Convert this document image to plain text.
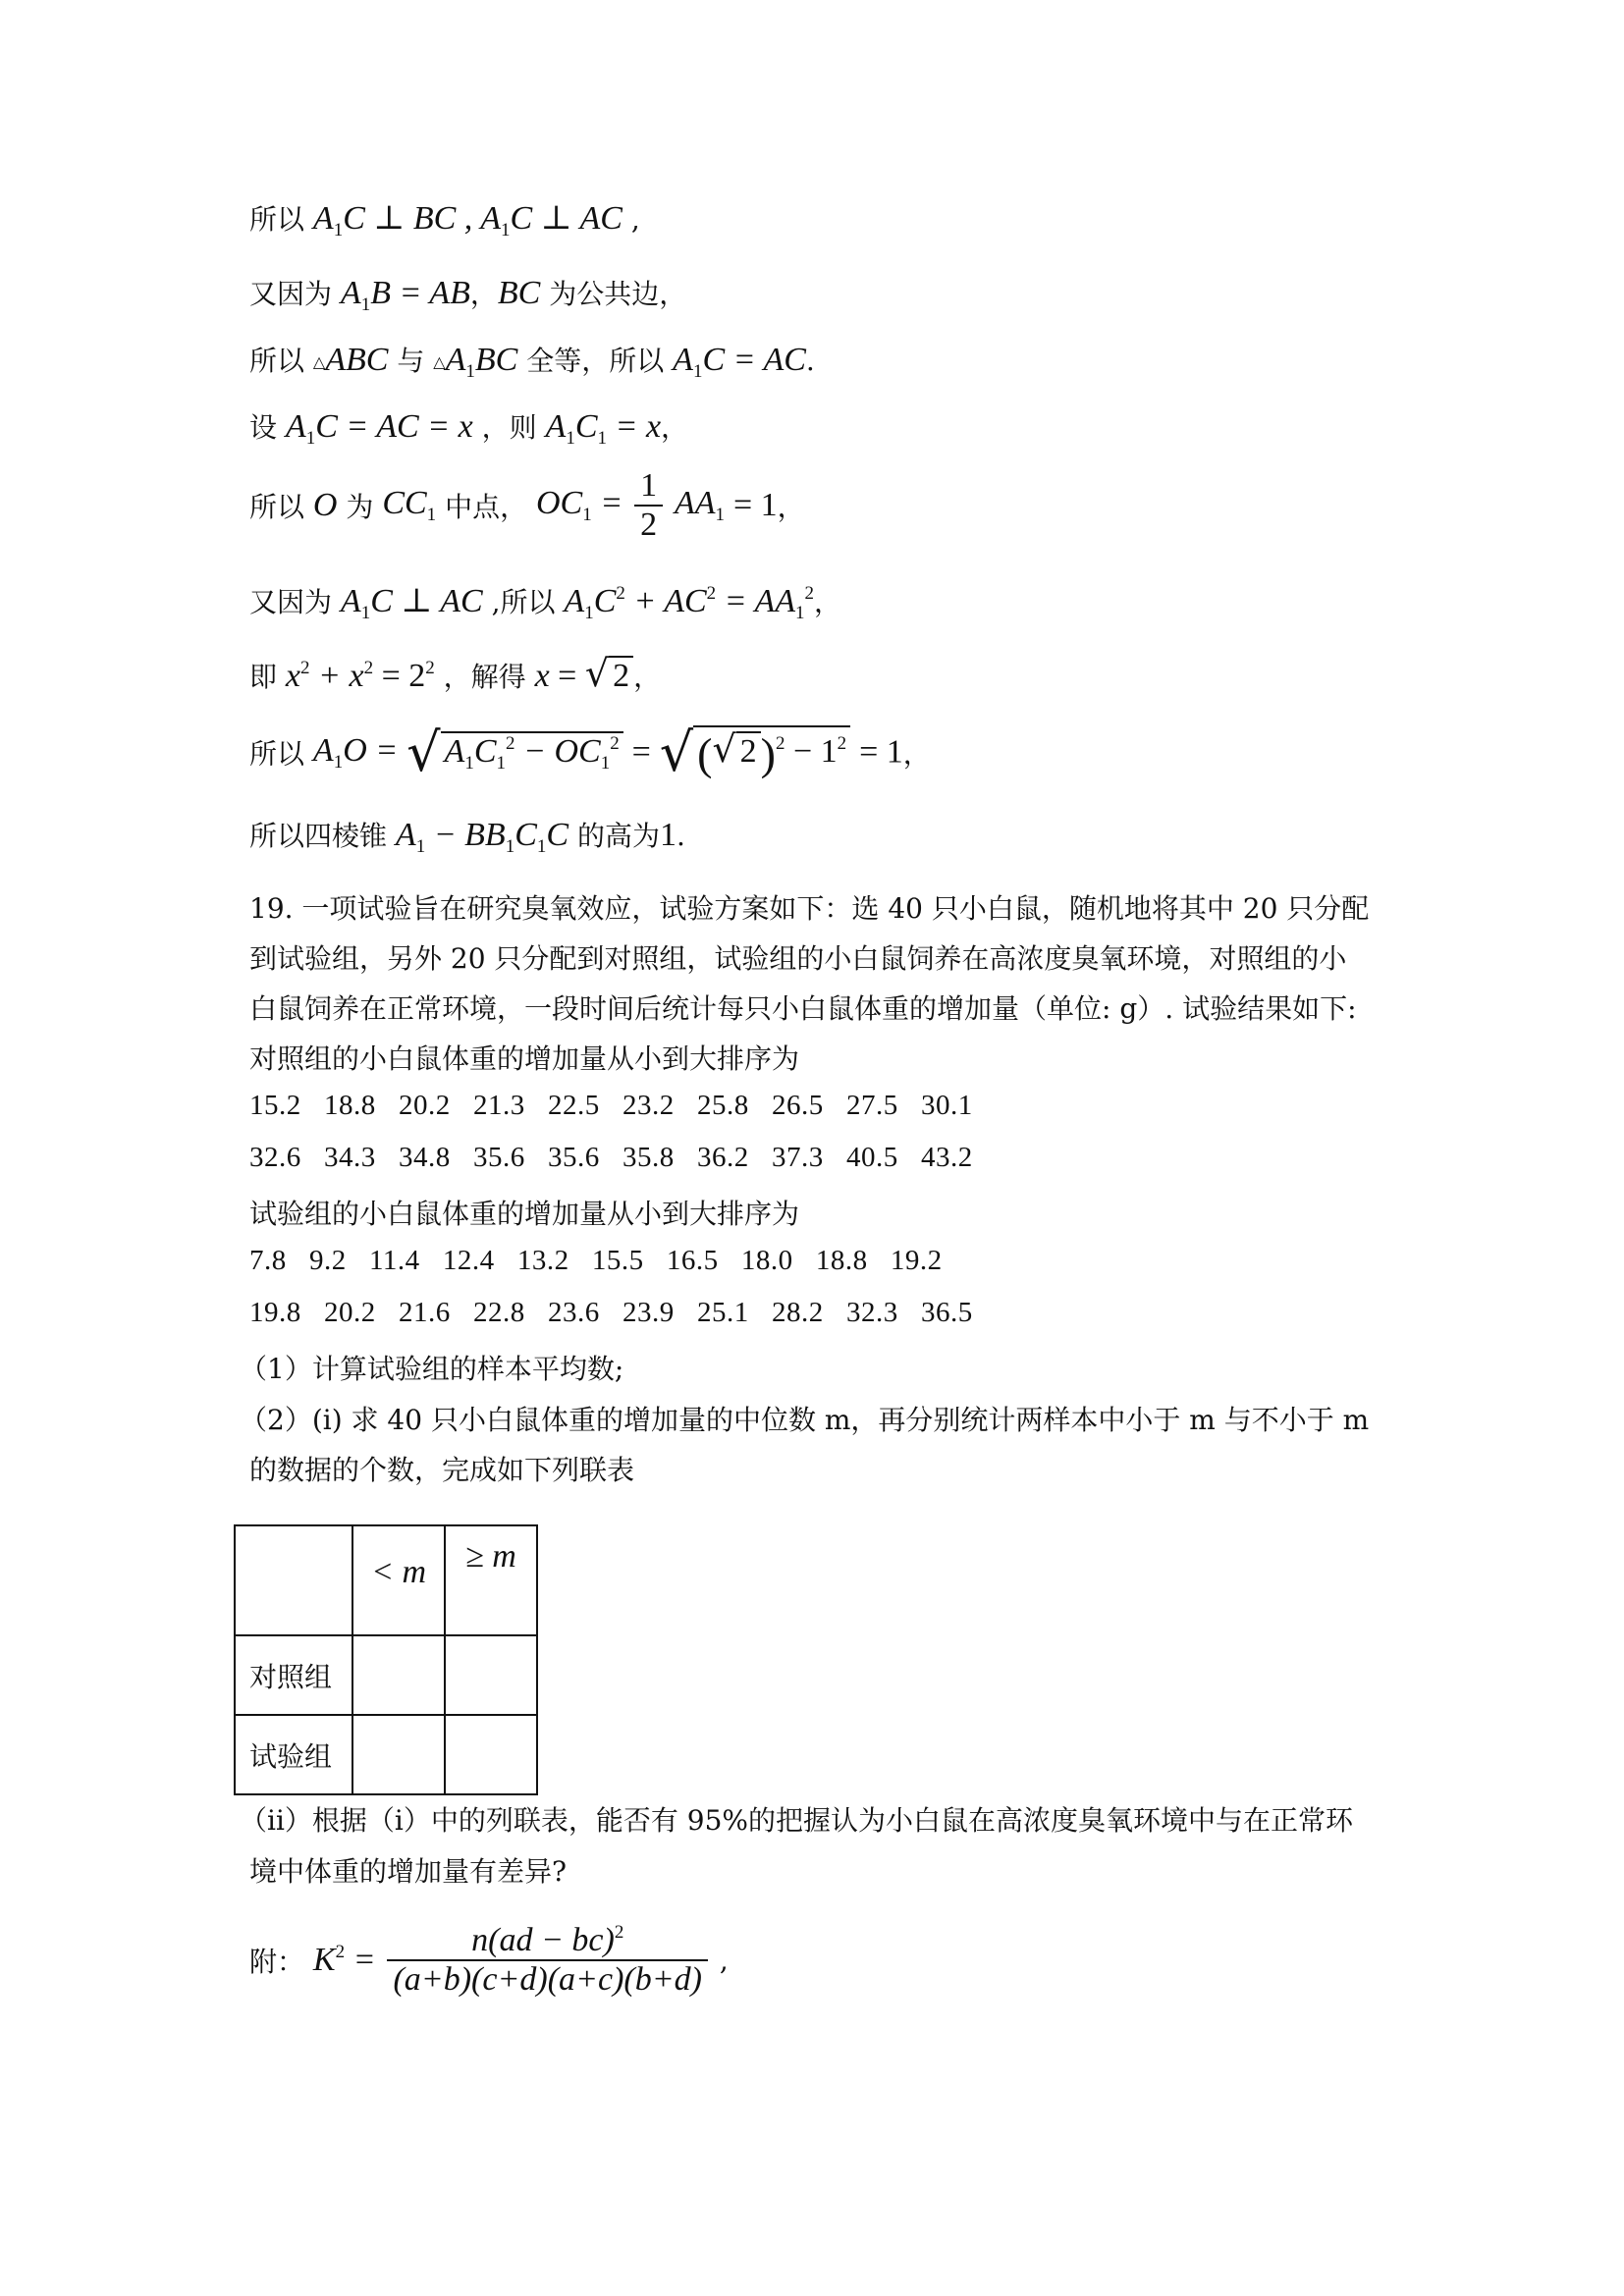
所以 $A_1C$ ⊥ BC , $A_1C$ ⊥ AC ,
又因为 $A_1B$ = AB，BC 为公共边，
所以 △ABC 与 $\triangle A_1BC$ 全等，所以 $A_1C$ = AC.
设 $A_1C$ = AC = x ，则 $A_1C_1 = x$，
所以 O 为 $CC_1$ 中点， $OC_1 = \frac{1}{2} AA_1 = 1$，
又因为 $A_1C$ ⊥ AC ,所以 $A_1C^2 + AC^2 = AA_1^2$，
即 $x^2 + x^2 = 2^2$ ，解得 x = √ 2 ，
所以 $A_1O$ = √ $A_1C_1^2 - OC_1^2$ = √(√ $2)^2 - 1^2 = 1$，
所以四棱锥 $A_1 - BB_1C_1C$ 的高为1.
19. 一项试验旨在研究臭氧效应，试验方案如下：选 40 只小白鼠，随机地将其中 20 只分配
到试验组，另外 20 只分配到对照组，试验组的小白鼠饲养在高浓度臭氧环境，对照组的小
白鼠饲养在正常环境，一段时间后统计每只小白鼠体重的增加量（单位: g）. 试验结果如下:
对照组的小白鼠体重的增加量从小到大排序为
15.2   18.8   20.2   21.3   22.5   23.2   25.8   26.5   27.5   30.1
32.6   34.3   34.8   35.6   35.6   35.8   36.2   37.3   40.5   43.2
试验组的小白鼠体重的增加量从小到大排序为
7.8   9.2   11.4   12.4   13.2   15.5   16.5   18.0   18.8   19.2
19.8   20.2   21.6   22.8   23.6   23.9   25.1   28.2   32.3   36.5
（1）计算试验组的样本平均数;
（2）(ⅰ) 求 40 只小白鼠体重的增加量的中位数 m，再分别统计两样本中小于 m 与不小于 m
的数据的个数，完成如下列联表
	< m	≥ m
对照组		
试验组		
（ⅱ）根据（ⅰ）中的列联表，能否有 95%的把握认为小白鼠在高浓度臭氧环境中与在正常环
境中体重的增加量有差异?
附： $K^2 = \frac{n(ad - bc)^2}{(a+b)(c+d)(a+c)(b+d)}$ ,
